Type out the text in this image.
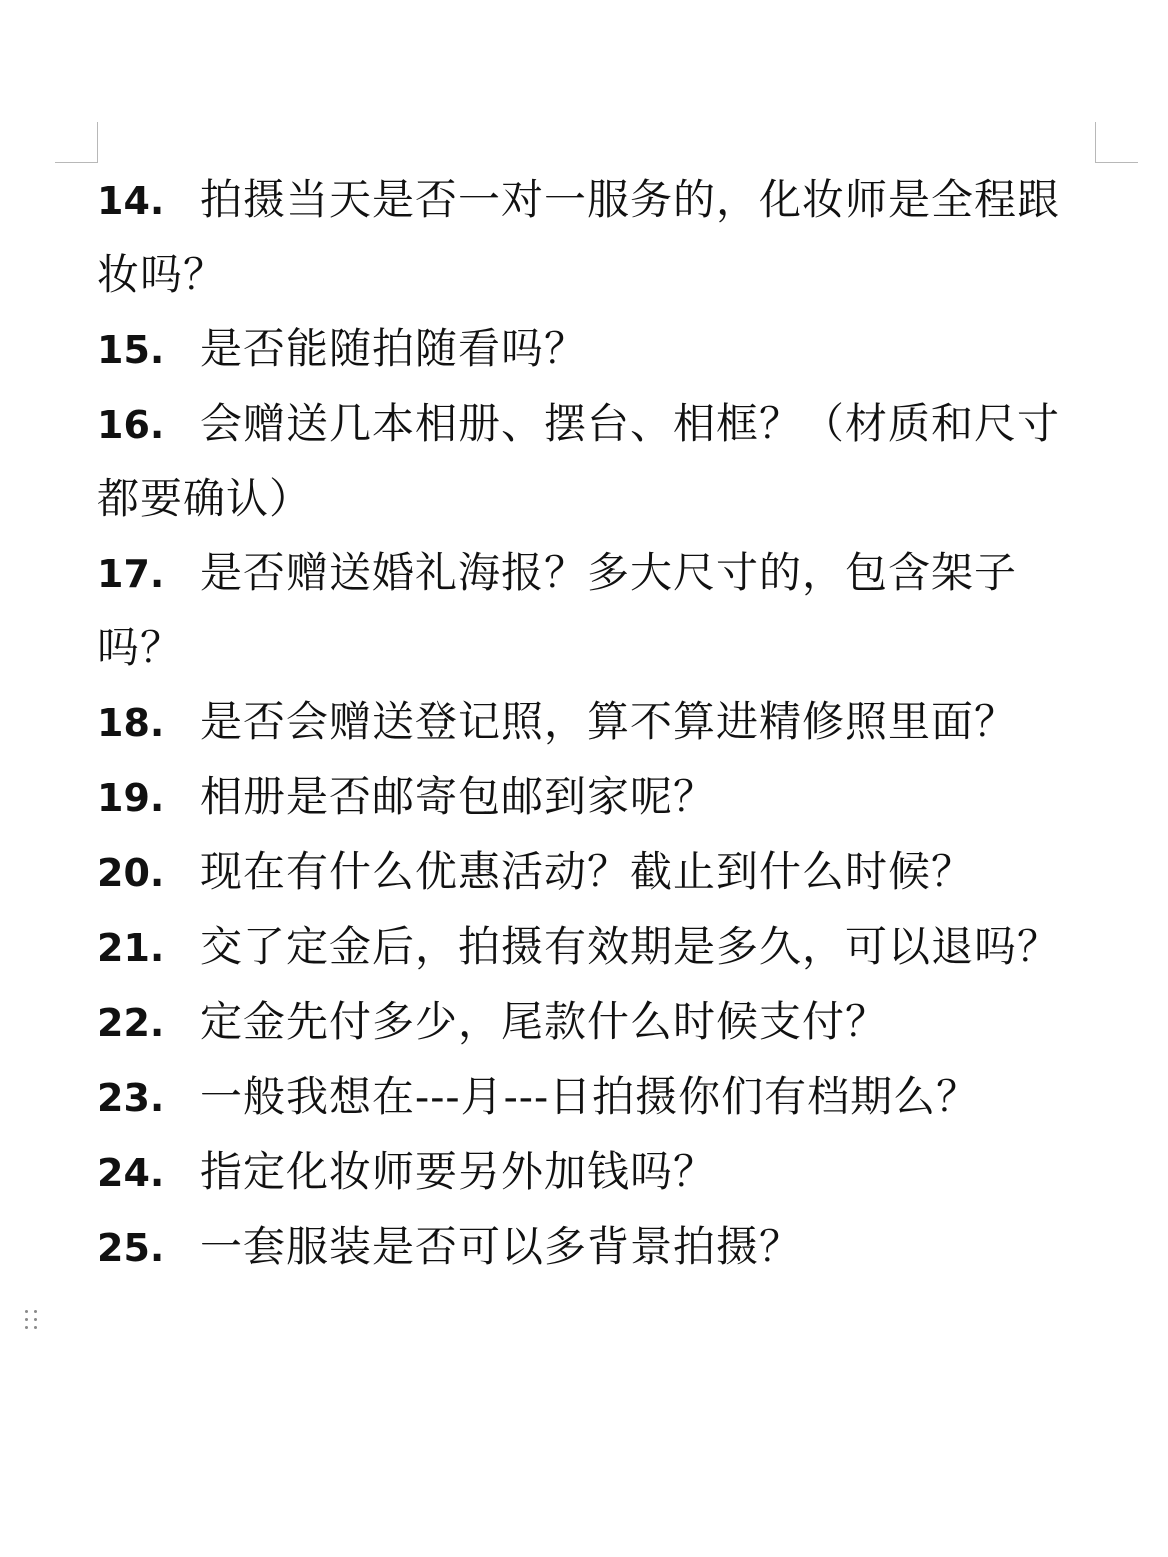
14. 拍摄当天是否一对一服务的，化妆师是全程跟妆吗？
15. 是否能随拍随看吗？
16. 会赠送几本相册、摆台、相框？（材质和尺寸都要确认）
17. 是否赠送婚礼海报？多大尺寸的，包含架子吗？
18. 是否会赠送登记照，算不算进精修照里面？
19. 相册是否邮寄包邮到家呢？
20. 现在有什么优惠活动？截止到什么时候？
21. 交了定金后，拍摄有效期是多久，可以退吗？
22. 定金先付多少，尾款什么时候支付？
23. 一般我想在---月---日拍摄你们有档期么？
24. 指定化妆师要另外加钱吗？
25. 一套服装是否可以多背景拍摄？
